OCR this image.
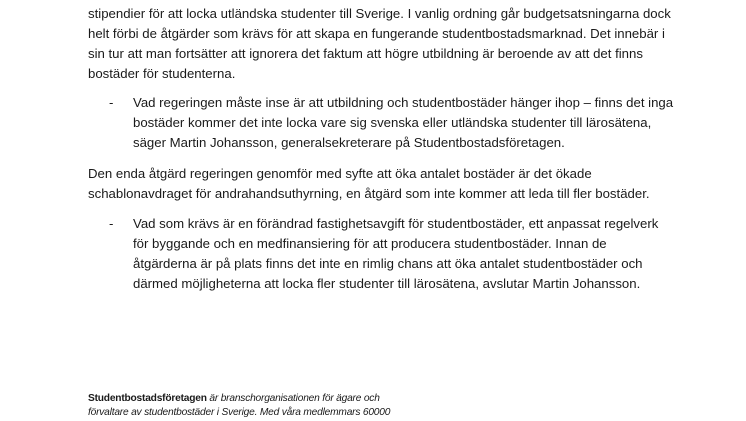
stipendier för att locka utländska studenter till Sverige. I vanlig ordning går budgetsatsningarna dock
helt förbi de åtgärder som krävs för att skapa en fungerande studentbostadsmarknad. Det innebär i
sin tur att man fortsätter att ignorera det faktum att högre utbildning är beroende av att det finns
bostäder för studenterna.

- Vad regeringen måste inse är att utbildning och studentbostäder hänger ihop – finns det inga
bostäder kommer det inte locka vare sig svenska eller utländska studenter till lärosätena,
säger Martin Johansson, generalsekreterare på Studentbostadsföretagen.

Den enda åtgärd regeringen genomför med syfte att öka antalet bostäder är det ökade
schablonavdraget för andrahandsuthyrning, en åtgärd som inte kommer att leda till fler bostäder.

- Vad som krävs är en förändrad fastighetsavgift för studentbostäder, ett anpassat regelverk
för byggande och en medfinansiering för att producera studentbostäder. Innan de
åtgärderna är på plats finns det inte en rimlig chans att öka antalet studentbostäder och
därmed möjligheterna att locka fler studenter till lärosätena, avslutar Martin Johansson.

Studentbostadsföretagen är branschorganisationen för ägare och
förvaltare av studentbostäder i Sverige. Med våra medlemmars 60000
